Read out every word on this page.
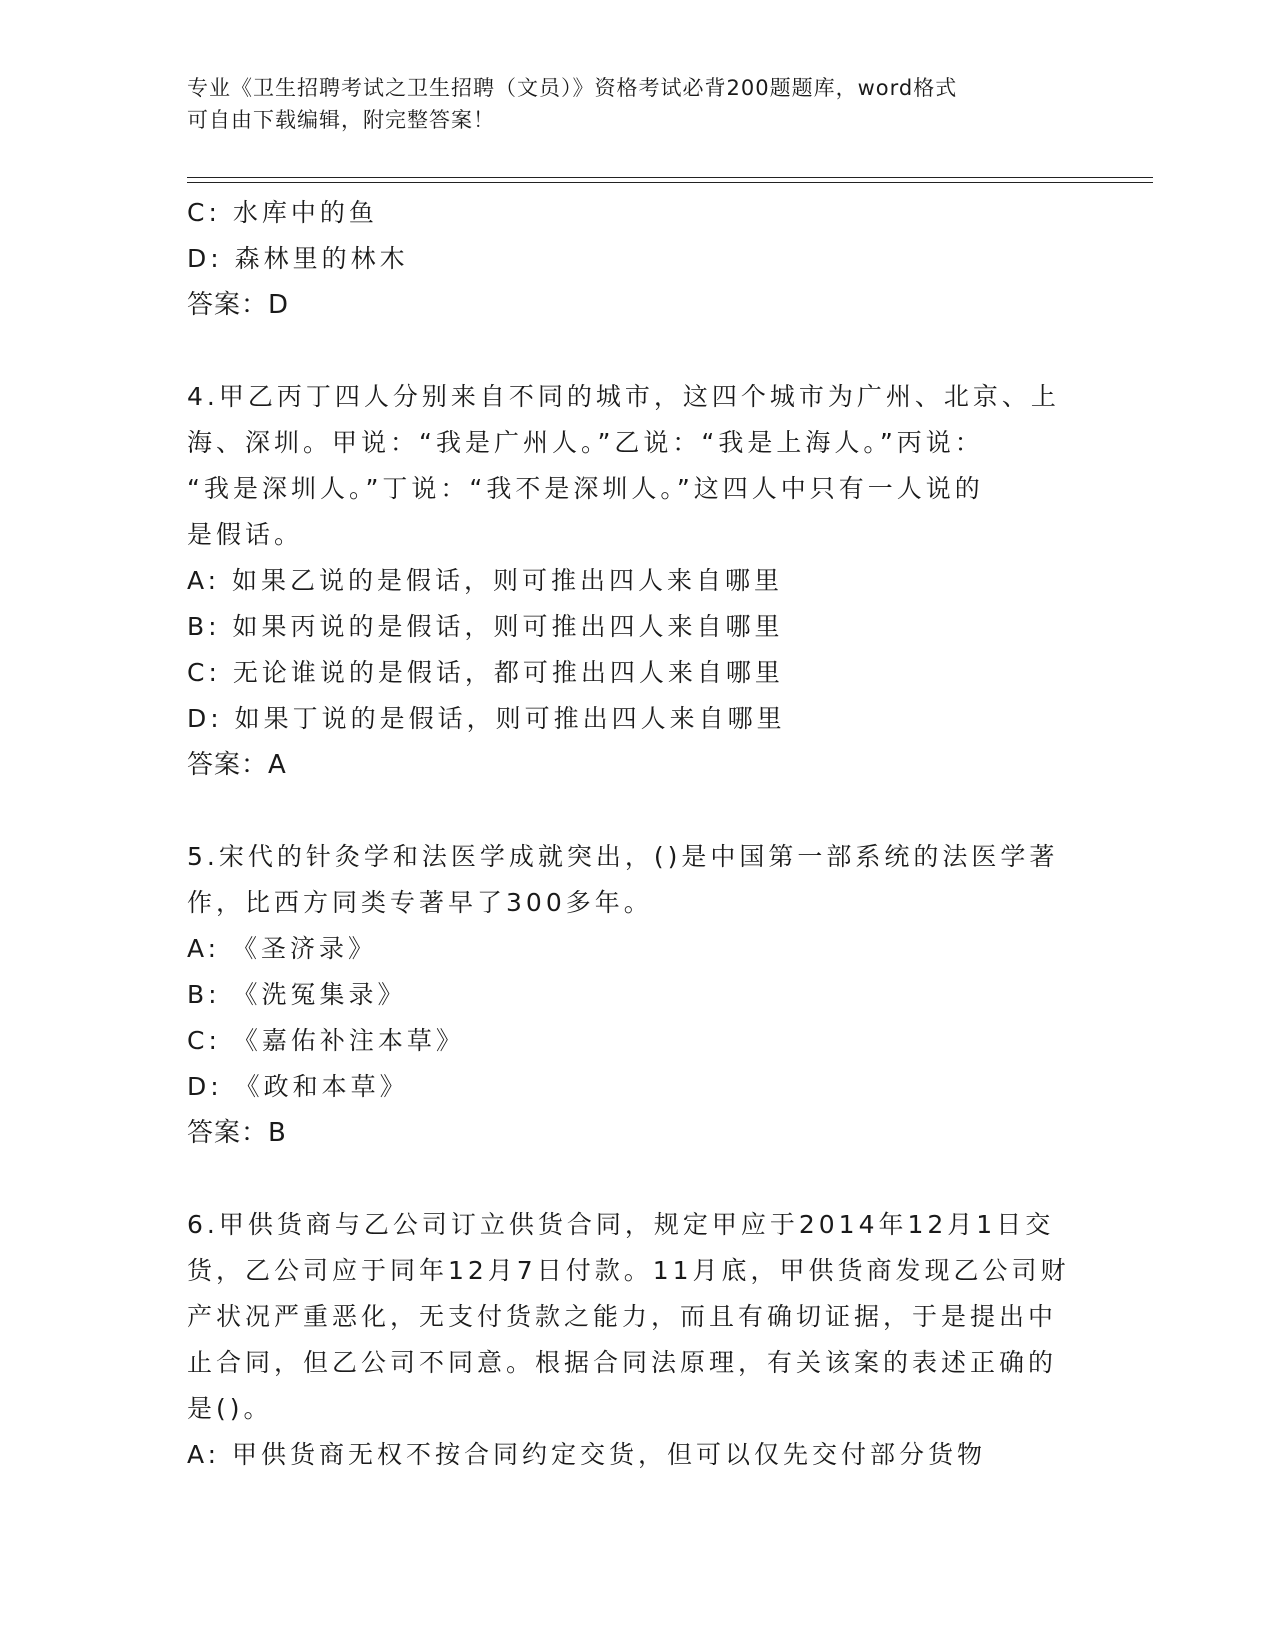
专业《卫生招聘考试之卫生招聘（文员）》资格考试必背200题题库，word格式
可自由下载编辑，附完整答案！
C: 水库中的鱼
D: 森林里的林木
答案：D
4.甲乙丙丁四人分别来自不同的城市，这四个城市为广州、北京、上
海、深圳。甲说：“我是广州人。”乙说：“我是上海人。”丙说：
“我是深圳人。”丁说：“我不是深圳人。”这四人中只有一人说的
是假话。
A: 如果乙说的是假话，则可推出四人来自哪里
B: 如果丙说的是假话，则可推出四人来自哪里
C: 无论谁说的是假话，都可推出四人来自哪里
D: 如果丁说的是假话，则可推出四人来自哪里
答案：A
5.宋代的针灸学和法医学成就突出，()是中国第一部系统的法医学著
作，比西方同类专著早了300多年。
A: 《圣济录》
B: 《洗冤集录》
C: 《嘉佑补注本草》
D: 《政和本草》
答案：B
6.甲供货商与乙公司订立供货合同，规定甲应于2014年12月1日交
货，乙公司应于同年12月7日付款。11月底，甲供货商发现乙公司财
产状况严重恶化，无支付货款之能力，而且有确切证据，于是提出中
止合同，但乙公司不同意。根据合同法原理，有关该案的表述正确的
是()。
A: 甲供货商无权不按合同约定交货，但可以仅先交付部分货物
